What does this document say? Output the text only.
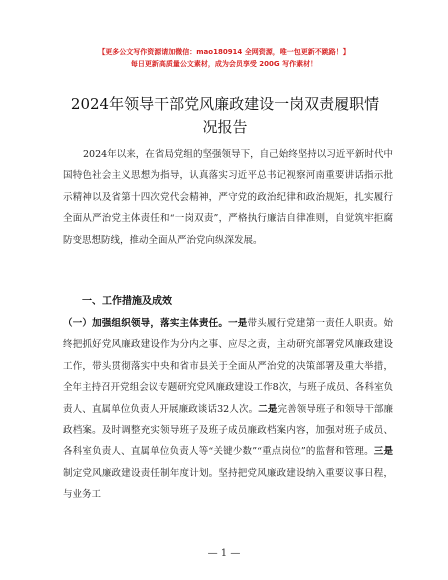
【更多公文写作资源请加微信：mao180914 全网资源，唯一包更新不跳路！】
每日更新高质量公文素材，成为会员享受 200G 写作素材！
2024年领导干部党风廉政建设一岗双责履职情
况报告

2024年以来，在省局党组的坚强领导下，自己始终坚持以习近平新时代中国特色社会主义思想为指导，认真落实习近平总书记视察河南重要讲话指示批示精神以及省第十四次党代会精神，严守党的政治纪律和政治规矩，扎实履行全面从严治党主体责任和“一岗双责”，严格执行廉洁自律准则，自觉筑牢拒腐防变思想防线，推动全面从严治党向纵深发展。

一、工作措施及成效

（一）加强组织领导，落实主体责任。一是带头履行党建第一责任人职责。始终把抓好党风廉政建设作为分内之事、应尽之责，主动研究部署党风廉政建设工作，带头贯彻落实中央和省市县关于全面从严治党的决策部署及重大举措，全年主持召开党组会议专题研究党风廉政建设工作8次，与班子成员、各科室负责人、直属单位负责人开展廉政谈话32人次。二是完善领导班子和领导干部廉政档案。及时调整充实领导班子及班子成员廉政档案内容，加强对班子成员、各科室负责人、直属单位负责人等“关键少数”“重点岗位”的监督和管理。三是制定党风廉政建设责任制年度计划。坚持把党风廉政建设纳入重要议事日程，与业务工

— 1 —
